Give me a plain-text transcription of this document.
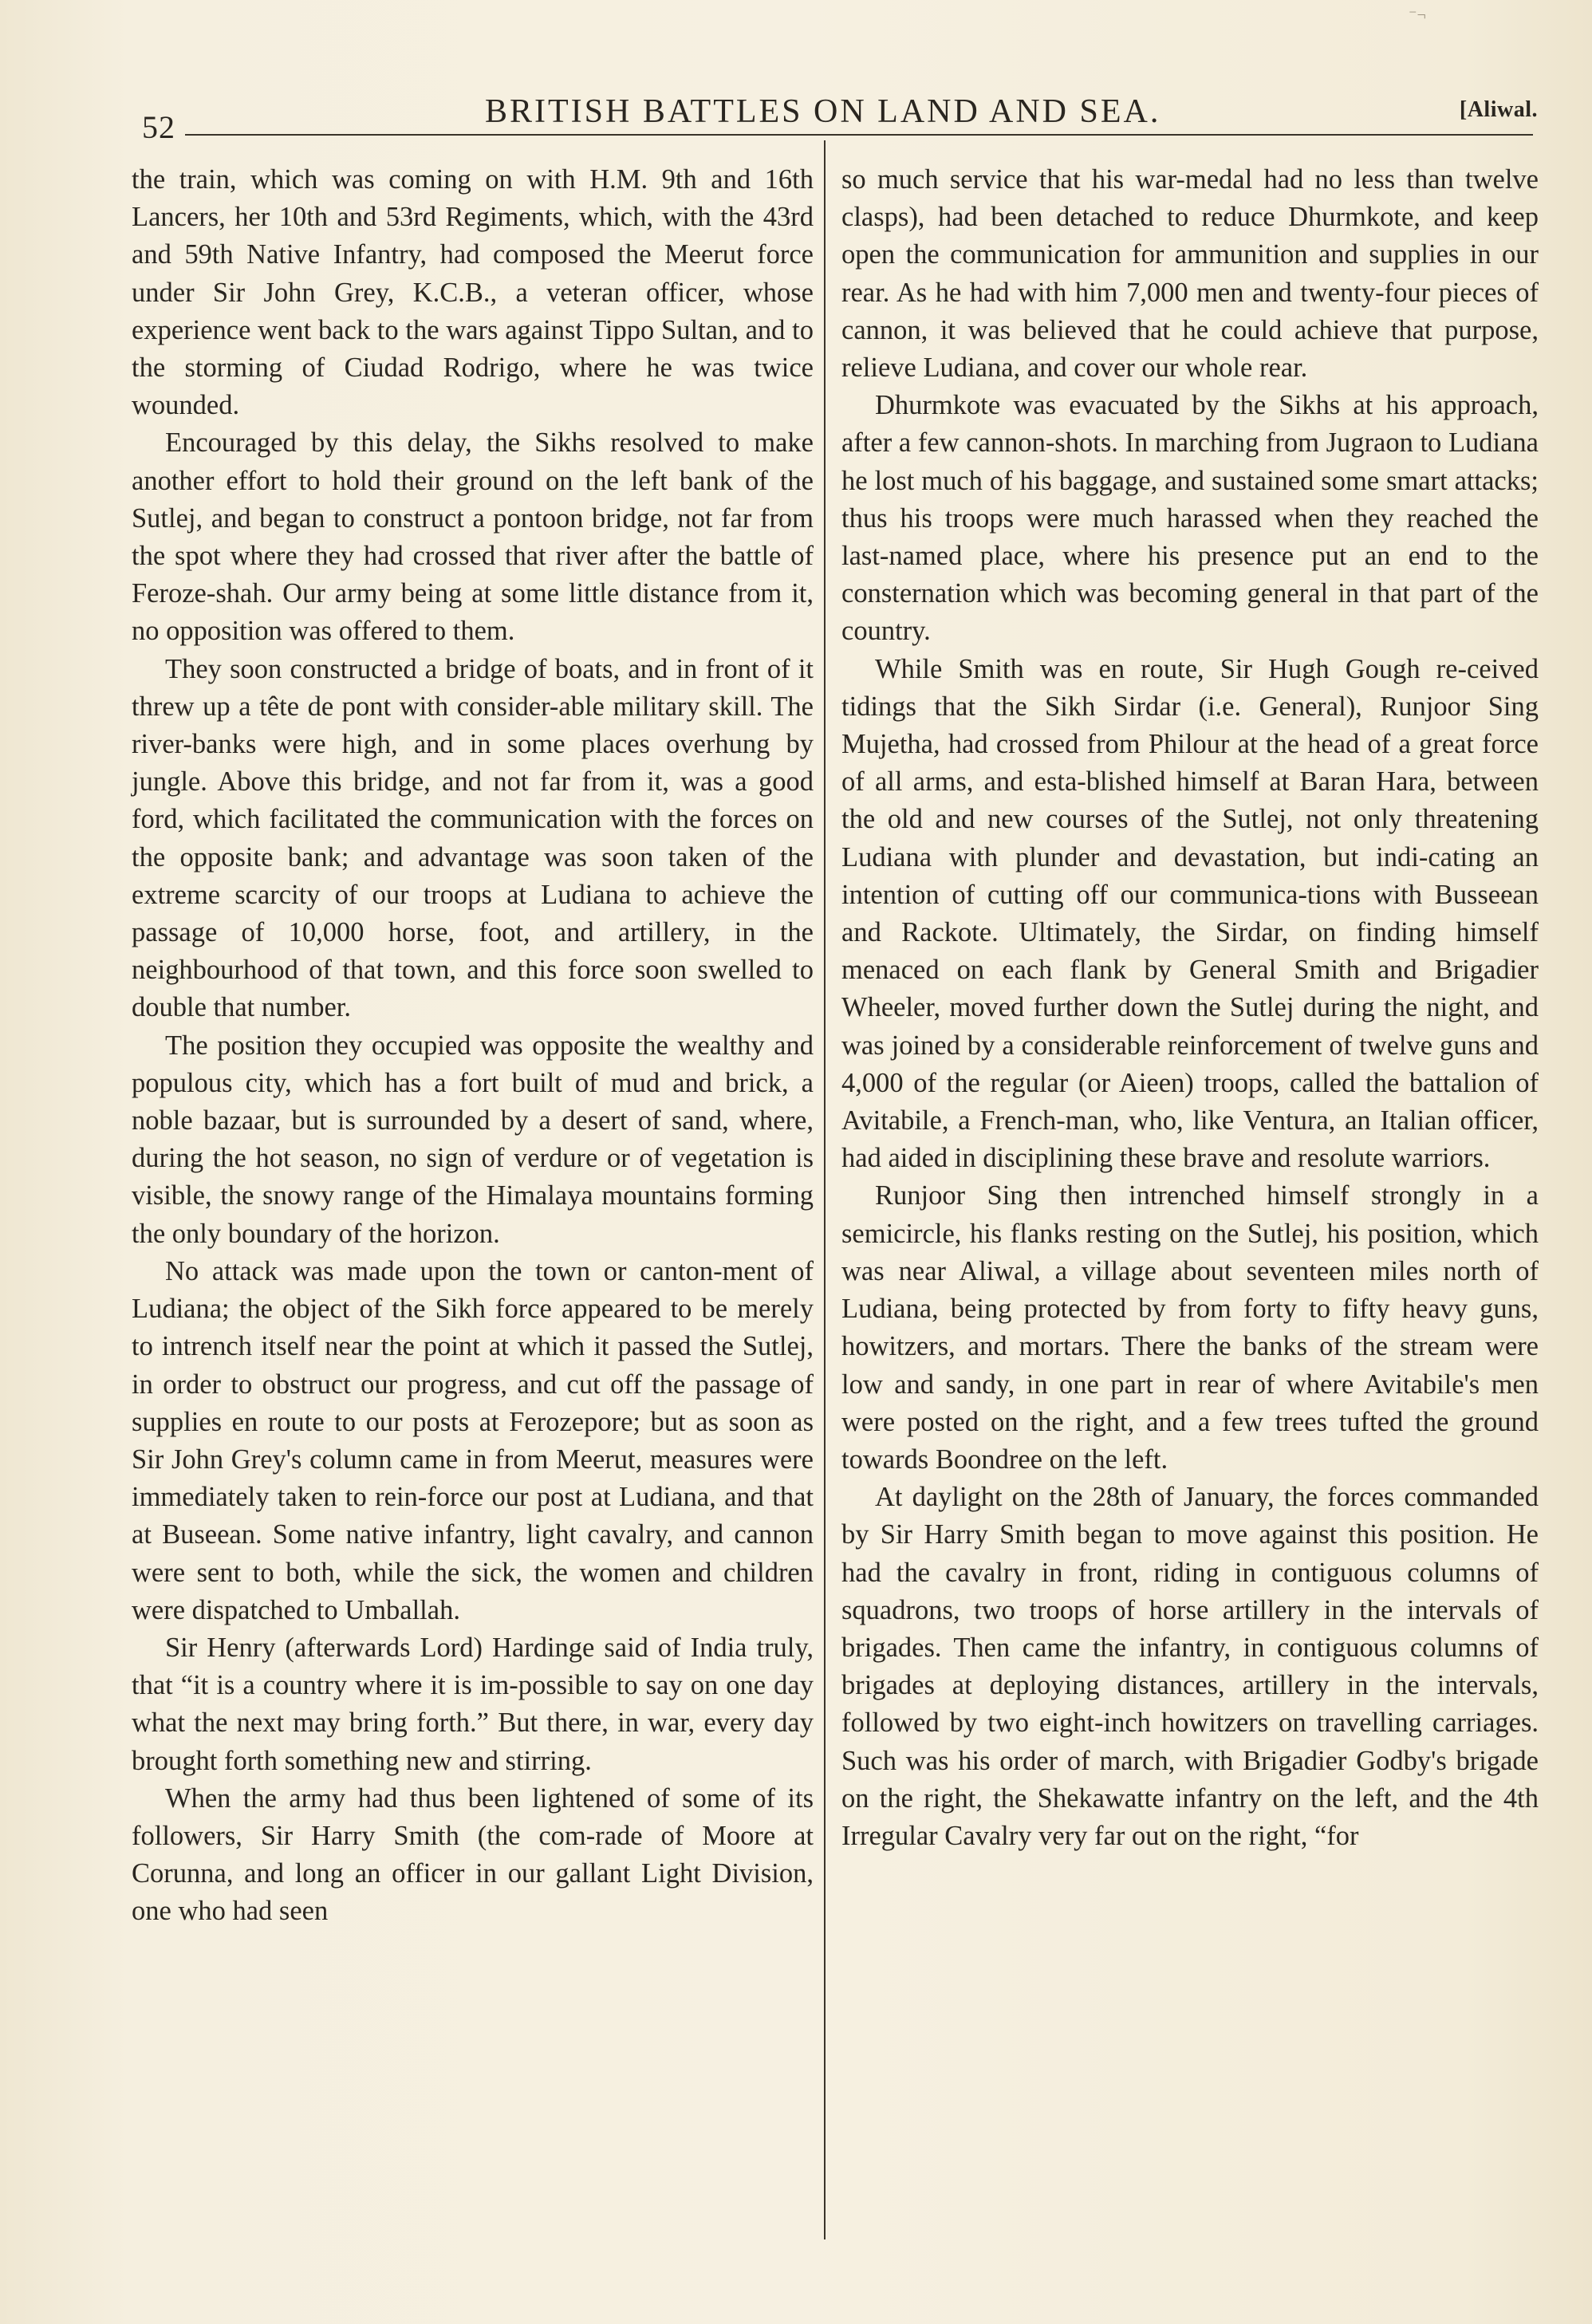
⁻¬
52	BRITISH BATTLES ON LAND AND SEA.	[Aliwal.

the train, which was coming on with H.M. 9th and 16th Lancers, her 10th and 53rd Regiments, which, with the 43rd and 59th Native Infantry, had composed the Meerut force under Sir John Grey, K.C.B., a veteran officer, whose experience went back to the wars against Tippo Sultan, and to the storming of Ciudad Rodrigo, where he was twice wounded.

Encouraged by this delay, the Sikhs resolved to make another effort to hold their ground on the left bank of the Sutlej, and began to construct a pontoon bridge, not far from the spot where they had crossed that river after the battle of Feroze-shah. Our army being at some little distance from it, no opposition was offered to them.

They soon constructed a bridge of boats, and in front of it threw up a tête de pont with consider-able military skill. The river-banks were high, and in some places overhung by jungle. Above this bridge, and not far from it, was a good ford, which facilitated the communication with the forces on the opposite bank; and advantage was soon taken of the extreme scarcity of our troops at Ludiana to achieve the passage of 10,000 horse, foot, and artillery, in the neighbourhood of that town, and this force soon swelled to double that number.

The position they occupied was opposite the wealthy and populous city, which has a fort built of mud and brick, a noble bazaar, but is surrounded by a desert of sand, where, during the hot season, no sign of verdure or of vegetation is visible, the snowy range of the Himalaya mountains forming the only boundary of the horizon.

No attack was made upon the town or canton-ment of Ludiana; the object of the Sikh force appeared to be merely to intrench itself near the point at which it passed the Sutlej, in order to obstruct our progress, and cut off the passage of supplies en route to our posts at Ferozepore; but as soon as Sir John Grey's column came in from Meerut, measures were immediately taken to rein-force our post at Ludiana, and that at Buseean. Some native infantry, light cavalry, and cannon were sent to both, while the sick, the women and children were dispatched to Umballah.

Sir Henry (afterwards Lord) Hardinge said of India truly, that “it is a country where it is im-possible to say on one day what the next may bring forth.” But there, in war, every day brought forth something new and stirring.

When the army had thus been lightened of some of its followers, Sir Harry Smith (the com-rade of Moore at Corunna, and long an officer in our gallant Light Division, one who had seen

so much service that his war-medal had no less than twelve clasps), had been detached to reduce Dhurmkote, and keep open the communication for ammunition and supplies in our rear. As he had with him 7,000 men and twenty-four pieces of cannon, it was believed that he could achieve that purpose, relieve Ludiana, and cover our whole rear.

Dhurmkote was evacuated by the Sikhs at his approach, after a few cannon-shots. In marching from Jugraon to Ludiana he lost much of his baggage, and sustained some smart attacks; thus his troops were much harassed when they reached the last-named place, where his presence put an end to the consternation which was becoming general in that part of the country.

While Smith was en route, Sir Hugh Gough re-ceived tidings that the Sikh Sirdar (i.e. General), Runjoor Sing Mujetha, had crossed from Philour at the head of a great force of all arms, and esta-blished himself at Baran Hara, between the old and new courses of the Sutlej, not only threatening Ludiana with plunder and devastation, but indi-cating an intention of cutting off our communica-tions with Busseean and Rackote. Ultimately, the Sirdar, on finding himself menaced on each flank by General Smith and Brigadier Wheeler, moved further down the Sutlej during the night, and was joined by a considerable reinforcement of twelve guns and 4,000 of the regular (or Aieen) troops, called the battalion of Avitabile, a French-man, who, like Ventura, an Italian officer, had aided in disciplining these brave and resolute warriors.

Runjoor Sing then intrenched himself strongly in a semicircle, his flanks resting on the Sutlej, his position, which was near Aliwal, a village about seventeen miles north of Ludiana, being protected by from forty to fifty heavy guns, howitzers, and mortars. There the banks of the stream were low and sandy, in one part in rear of where Avitabile's men were posted on the right, and a few trees tufted the ground towards Boondree on the left.

At daylight on the 28th of January, the forces commanded by Sir Harry Smith began to move against this position. He had the cavalry in front, riding in contiguous columns of squadrons, two troops of horse artillery in the intervals of brigades. Then came the infantry, in contiguous columns of brigades at deploying distances, artillery in the intervals, followed by two eight-inch howitzers on travelling carriages. Such was his order of march, with Brigadier Godby's brigade on the right, the Shekawatte infantry on the left, and the 4th Irregular Cavalry very far out on the right, “for
